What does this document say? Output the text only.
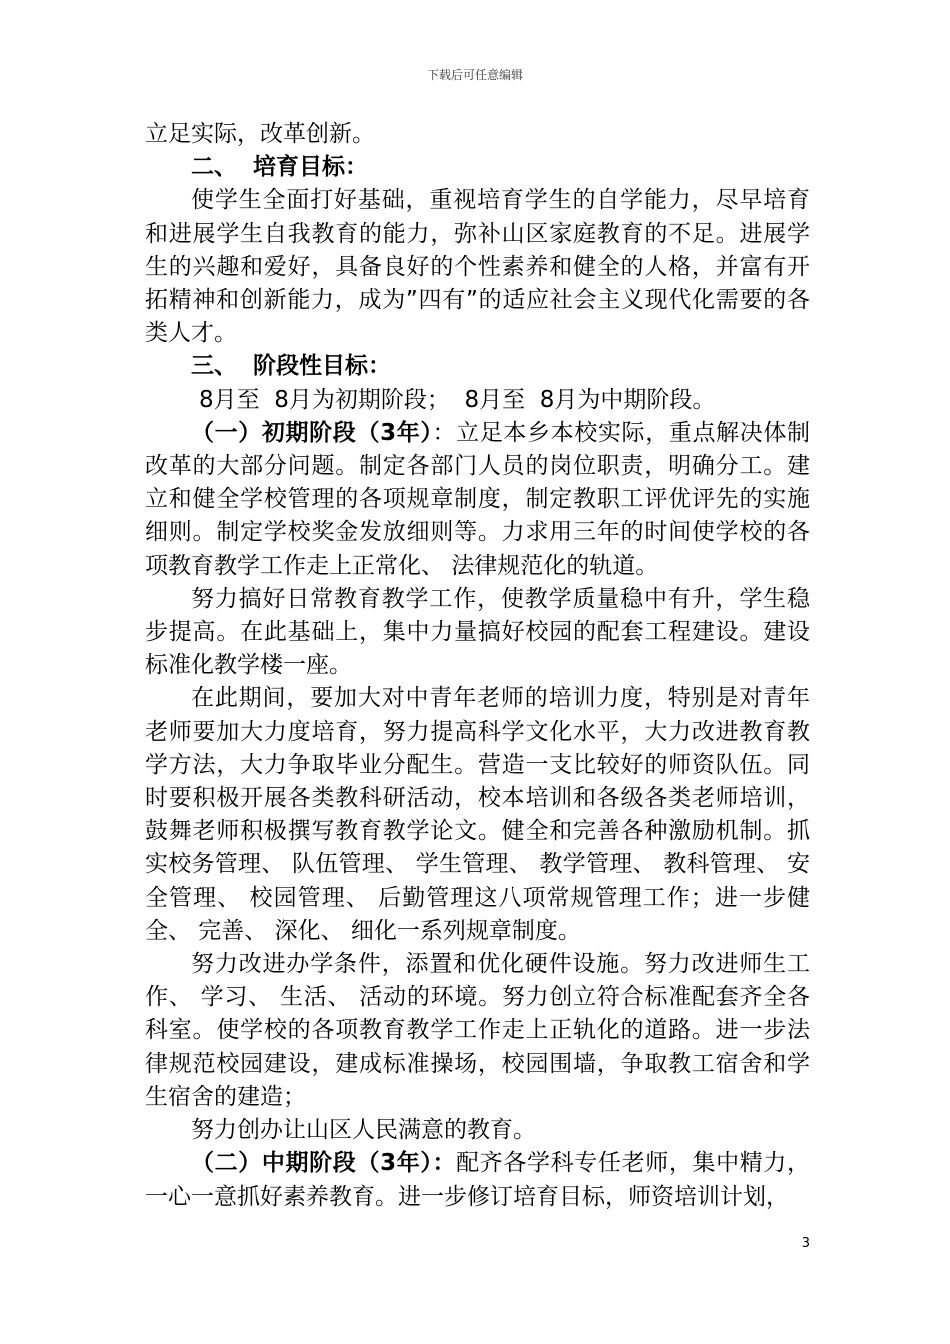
下载后可任意编辑

立足实际，改革创新。

二、 培育目标：

使学生全面打好基础，重视培育学生的自学能力，尽早培育和进展学生自我教育的能力，弥补山区家庭教育的不足。进展学生的兴趣和爱好，具备良好的个性素养和健全的人格，并富有开拓精神和创新能力，成为”四有”的适应社会主义现代化需要的各类人才。

三、 阶段性目标：

8月至  8月为初期阶段；  8月至  8月为中期阶段。

（一）初期阶段（3年）：立足本乡本校实际，重点解决体制改革的大部分问题。制定各部门人员的岗位职责，明确分工。建立和健全学校管理的各项规章制度，制定教职工评优评先的实施细则。制定学校奖金发放细则等。力求用三年的时间使学校的各项教育教学工作走上正常化、 法律规范化的轨道。

努力搞好日常教育教学工作，使教学质量稳中有升，学生稳步提高。在此基础上，集中力量搞好校园的配套工程建设。建设标准化教学楼一座。

在此期间，要加大对中青年老师的培训力度，特别是对青年老师要加大力度培育，努力提高科学文化水平，大力改进教育教学方法，大力争取毕业分配生。营造一支比较好的师资队伍。同时要积极开展各类教科研活动，校本培训和各级各类老师培训，鼓舞老师积极撰写教育教学论文。健全和完善各种激励机制。抓实校务管理、 队伍管理、 学生管理、 教学管理、 教科管理、 安全管理、 校园管理、 后勤管理这八项常规管理工作；进一步健全、 完善、 深化、 细化一系列规章制度。

努力改进办学条件，添置和优化硬件设施。努力改进师生工作、 学习、 生活、 活动的环境。努力创立符合标准配套齐全各科室。使学校的各项教育教学工作走上正轨化的道路。进一步法律规范校园建设，建成标准操场，校园围墙，争取教工宿舍和学生宿舍的建造；

努力创办让山区人民满意的教育。

（二）中期阶段（3年）：配齐各学科专任老师，集中精力，一心一意抓好素养教育。进一步修订培育目标，师资培训计划，

3
